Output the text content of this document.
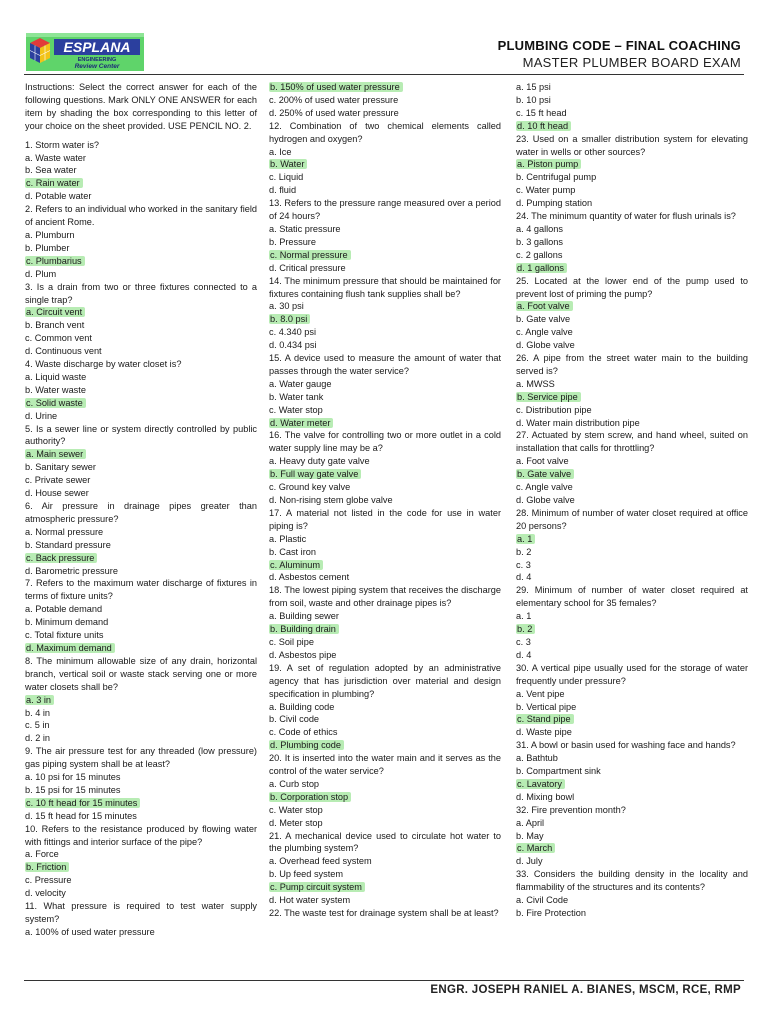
ESPLANA
ENGINEERING
Review Center
PLUMBING CODE – FINAL COACHING
MASTER PLUMBER BOARD EXAM

Instructions: Select the correct answer for each of the following questions. Mark ONLY ONE ANSWER for each item by shading the box corresponding to this letter of your choice on the sheet provided. USE PENCIL NO. 2.

1. Storm water is?

a. Waste water

b. Sea water

c. Rain water

d. Potable water

2. Refers to an individual who worked in the sanitary field of ancient Rome.

a. Plumburn

b. Plumber

c. Plumbarius

d. Plum

3. Is a drain from two or three fixtures connected to a single trap?

a. Circuit vent

b. Branch vent

c. Common vent

d. Continuous vent

4. Waste discharge by water closet is?

a. Liquid waste

b. Water waste

c. Solid waste

d. Urine

5. Is a sewer line or system directly controlled by public authority?

a. Main sewer

b. Sanitary sewer

c. Private sewer

d. House sewer

6. Air pressure in drainage pipes greater than atmospheric pressure?

a. Normal pressure

b. Standard pressure

c. Back pressure

d. Barometric pressure

7. Refers to the maximum water discharge of fixtures in terms of fixture units?

a. Potable demand

b. Minimum demand

c. Total fixture units

d. Maximum demand

8. The minimum allowable size of any drain, horizontal branch, vertical soil or waste stack serving one or more water closets shall be?

a. 3 in

b. 4 in

c. 5 in

d. 2 in

9. The air pressure test for any threaded (low pressure) gas piping system shall be at least?

a. 10 psi for 15 minutes

b. 15 psi for 15 minutes

c. 10 ft head for 15 minutes

d. 15 ft head for 15 minutes

10. Refers to the resistance produced by flowing water with fittings and interior surface of the pipe?

a. Force

b. Friction

c. Pressure

d. velocity

11. What pressure is required to test water supply system?

a. 100% of used water pressure

b. 150% of used water pressure

c. 200% of used water pressure

d. 250% of used water pressure

12. Combination of two chemical elements called hydrogen and oxygen?

a. Ice

b. Water

c. Liquid

d. fluid

13. Refers to the pressure range measured over a period of 24 hours?

a. Static pressure

b. Pressure

c. Normal pressure

d. Critical pressure

14. The minimum pressure that should be maintained for fixtures containing flush tank supplies shall be?

a. 30 psi

b. 8.0 psi

c. 4.340 psi

d. 0.434 psi

15. A device used to measure the amount of water that passes through the water service?

a. Water gauge

b. Water tank

c. Water stop

d. Water meter

16. The valve for controlling two or more outlet in a cold water supply line may be a?

a. Heavy duty gate valve

b. Full way gate valve

c. Ground key valve

d. Non-rising stem globe valve

17. A material not listed in the code for use in water piping is?

a. Plastic

b. Cast iron

c. Aluminum

d. Asbestos cement

18. The lowest piping system that receives the discharge from soil, waste and other drainage pipes is?

a. Building sewer

b. Building drain

c. Soil pipe

d. Asbestos pipe

19. A set of regulation adopted by an administrative agency that has jurisdiction over material and design specification in plumbing?

a. Building code

b. Civil code

c. Code of ethics

d. Plumbing code

20. It is inserted into the water main and it serves as the control of the water service?

a. Curb stop

b. Corporation stop

c. Water stop

d. Meter stop

21. A mechanical device used to circulate hot water to the plumbing system?

a. Overhead feed system

b. Up feed system

c. Pump circuit system

d. Hot water system

22. The waste test for drainage system shall be at least?

a. 15 psi

b. 10 psi

c. 15 ft head

d. 10 ft head

23. Used on a smaller distribution system for elevating water in wells or other sources?

a. Piston pump

b. Centrifugal pump

c. Water pump

d. Pumping station

24. The minimum quantity of water for flush urinals is?

a. 4 gallons

b. 3 gallons

c. 2 gallons

d. 1 gallons

25. Located at the lower end of the pump used to prevent lost of priming the pump?

a. Foot valve

b. Gate valve

c. Angle valve

d. Globe valve

26. A pipe from the street water main to the building served is?

a. MWSS

b. Service pipe

c. Distribution pipe

d. Water main distribution pipe

27. Actuated by stem screw, and hand wheel, suited on installation that calls for throttling?

a. Foot valve

b. Gate valve

c. Angle valve

d. Globe valve

28. Minimum of number of water closet required at office 20 persons?

a. 1

b. 2

c. 3

d. 4

29. Minimum of number of water closet required at elementary school for 35 females?

a. 1

b. 2

c. 3

d. 4

30. A vertical pipe usually used for the storage of water frequently under pressure?

a. Vent pipe

b. Vertical pipe

c. Stand pipe

d. Waste pipe

31. A bowl or basin used for washing face and hands?

a. Bathtub

b. Compartment sink

c. Lavatory

d. Mixing bowl

32. Fire prevention month?

a. April

b. May

c. March

d. July

33. Considers the building density in the locality and flammability of the structures and its contents?

a. Civil Code

b. Fire Protection

ENGR. JOSEPH RANIEL A. BIANES, MSCM, RCE, RMP
